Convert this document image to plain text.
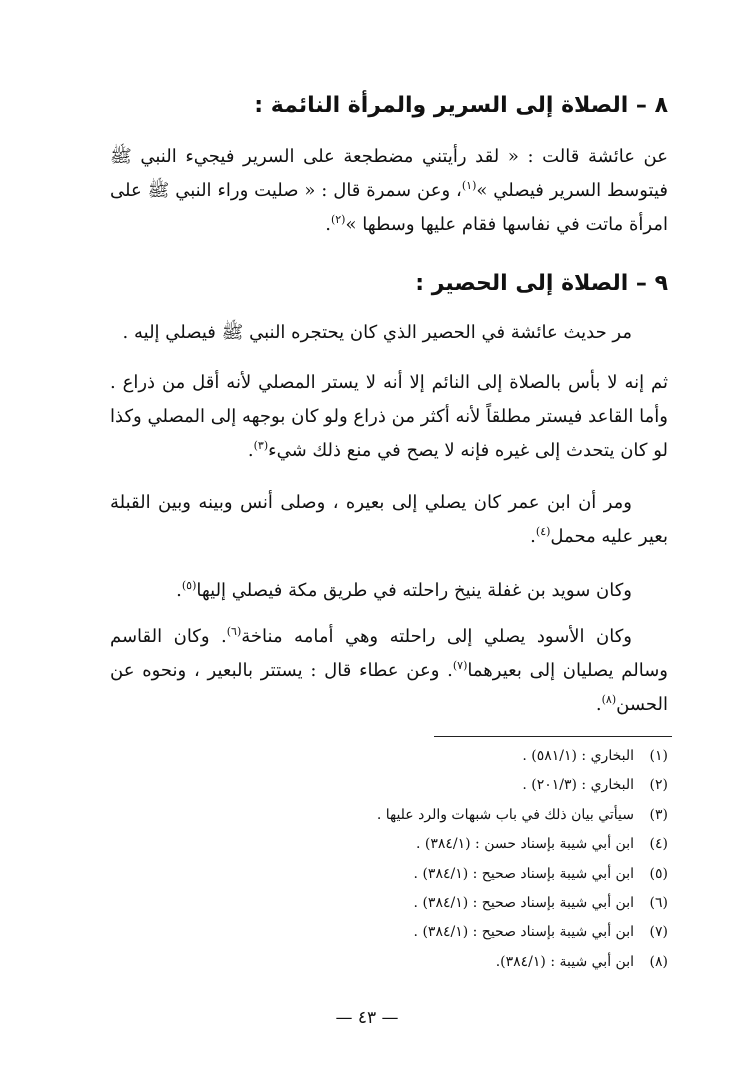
٨ – الصلاة إلى السرير والمرأة النائمة :
عن عائشة قالت : « لقد رأيتني مضطجعة على السرير فيجيء النبي ﷺ فيتوسط السرير فيصلي »$^{(١)}$، وعن سمرة قال : « صليت وراء النبي ﷺ على امرأة ماتت في نفاسها فقام عليها وسطها »$^{(٢)}$.
٩ – الصلاة إلى الحصير :
مر حديث عائشة في الحصير الذي كان يحتجره النبي ﷺ فيصلي إليه .
ثم إنه لا بأس بالصلاة إلى النائم إلا أنه لا يستر المصلي لأنه أقل من ذراع . وأما القاعد فيستر مطلقاً لأنه أكثر من ذراع ولو كان بوجهه إلى المصلي وكذا لو كان يتحدث إلى غيره فإنه لا يصح في منع ذلك شيء$^{(٣)}$.
ومر أن ابن عمر كان يصلي إلى بعيره ، وصلى أنس وبينه وبين القبلة بعير عليه محمل$^{(٤)}$.
وكان سويد بن غفلة ينيخ راحلته في طريق مكة فيصلي إليها$^{(٥)}$.
وكان الأسود يصلي إلى راحلته وهي أمامه مناخة$^{(٦)}$. وكان القاسم وسالم يصليان إلى بعيرهما$^{(٧)}$. وعن عطاء قال : يستتر بالبعير ، ونحوه عن الحسن$^{(٨)}$.
(١)البخاري : (٥٨١/١) .
(٢)البخاري : (٢٠١/٣) .
(٣)سيأتي بيان ذلك في باب شبهات والرد عليها .
(٤)ابن أبي شيبة بإسناد حسن : (٣٨٤/١) .
(٥)ابن أبي شيبة بإسناد صحيح : (٣٨٤/١) .
(٦)ابن أبي شيبة بإسناد صحيح : (٣٨٤/١) .
(٧)ابن أبي شيبة بإسناد صحيح : (٣٨٤/١) .
(٨)ابن أبي شيبة : (٣٨٤/١).
— ٤٣ —
